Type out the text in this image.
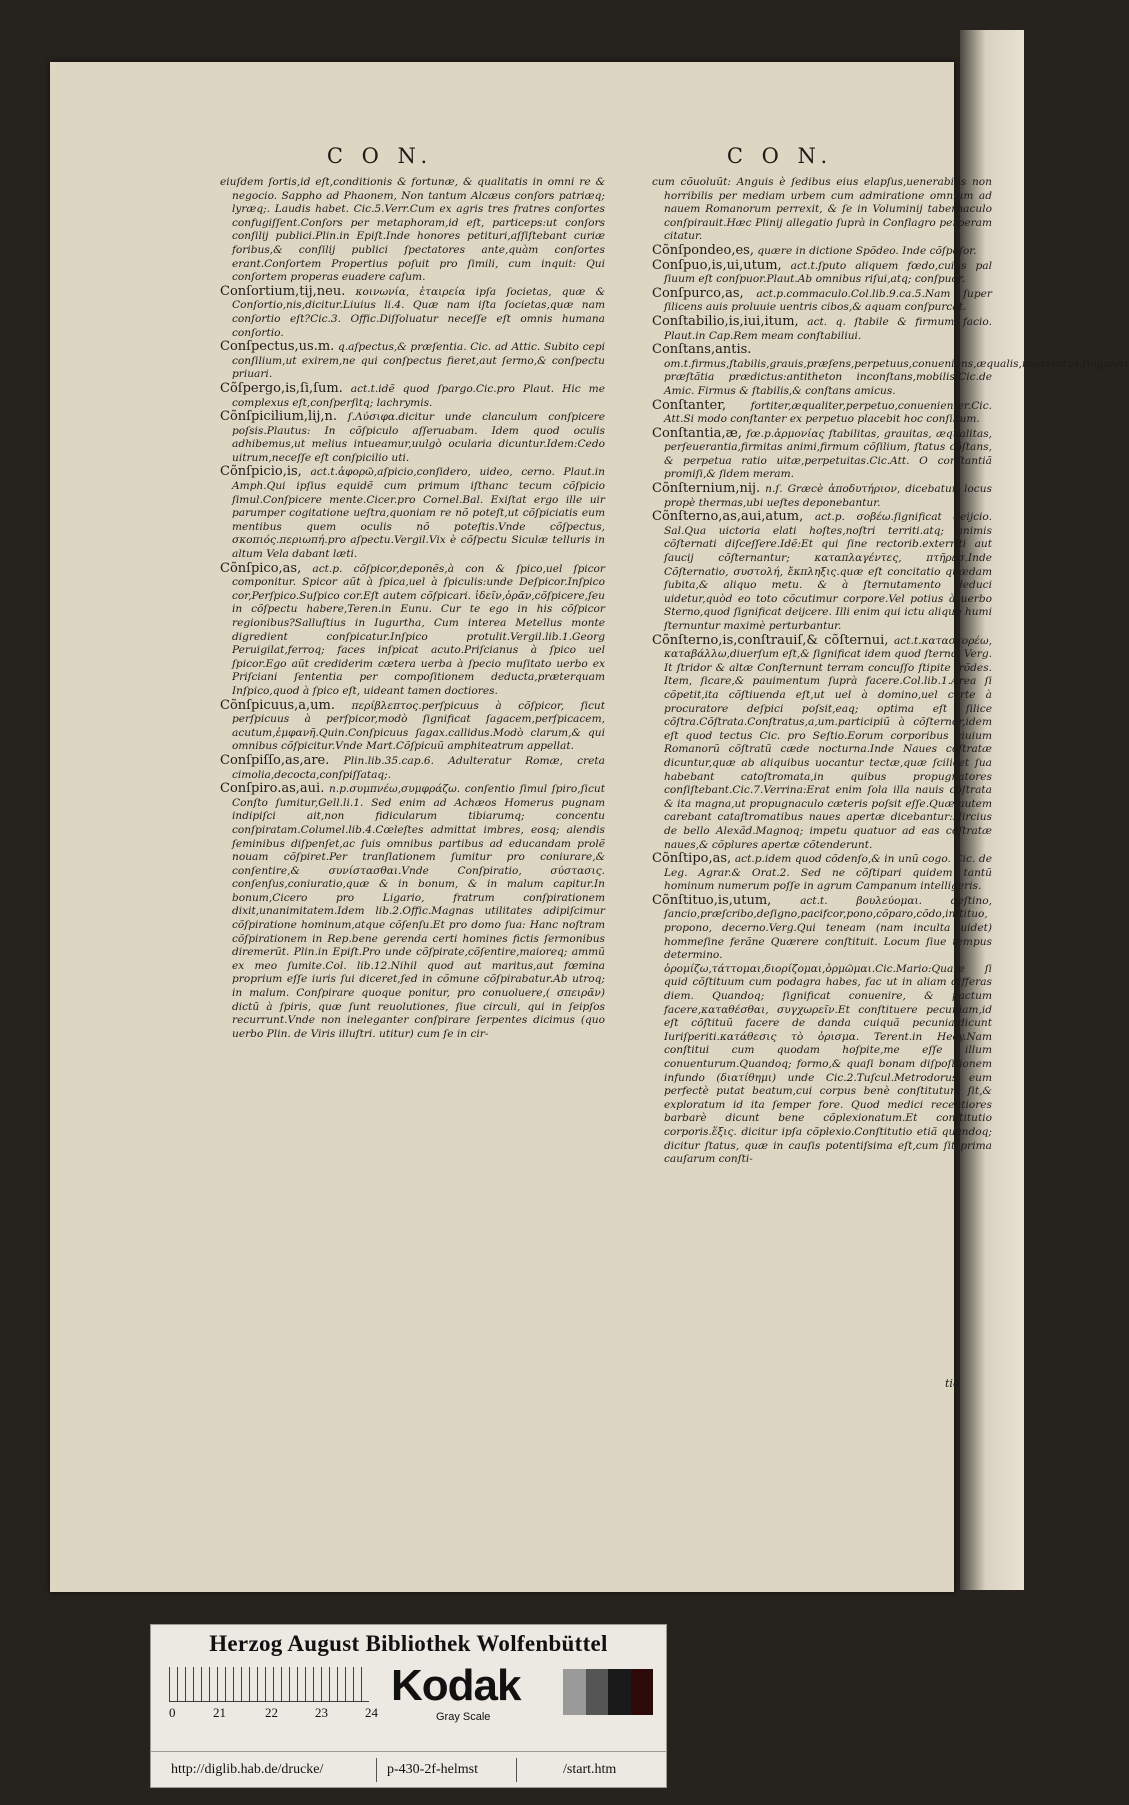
C O N.	C O N.

eiuſdem ſortis,id eſt,conditionis & fortunæ, & qualitatis in omni re & negocio. Sappho ad Phaonem, Non tantum Alcæus conſors patriæq; lyræq;. Laudis habet. Cic.5.Verr.Cum ex agris tres fratres conſortes confugiſſent.Conſors per metaphoram,id eſt, particeps:ut conſors conſilij publici.Plin.in Epiſt.Inde honores petituri,aſſiſtebant curiæ foribus,& conſilij publici ſpectatores ante,quàm conſortes erant.Conſortem Propertius poſuit pro ſimili, cum inquit: Qui conſortem properas euadere caſum.

Conſortium,tij,neu. κοινωνία, ἑταιρεία ipſa ſocietas, quæ & Conſortio,nis,dicitur.Liuius li.4. Quæ nam iſta ſocietas,quæ nam conſortio eſt?Cic.3. Offic.Diſſoluatur neceſſe eſt omnis humana conſortio.

Conſpectus,us.m. q.aſpectus,& præſentia. Cic. ad Attic. Subito cepi conſilium,ut exirem,ne qui conſpectus fieret,aut ſermo,& conſpectu priuari.

Cõſpergo,is,ſi,ſum. act.t.idẽ quod ſpargo.Cic.pro Plaut. Hic me complexus eſt,conſperſitq; lachrymis.

Cõnſpicilium,lij,n. ſ.Λύσιφα.dicitur unde clanculum conſpicere poſsis.Plautus: In cõſpiculo aſſeruabam. Idem quod oculis adhibemus,ut melius intueamur,uulgò ocularia dicuntur.Idem:Cedo uitrum,neceſſe eſt conſpicilio uti.

Cõnſpicio,is, act.t.ἀφορῶ,aſpicio,conſidero, uideo, cerno. Plaut.in Amph.Qui ipſius equidẽ cum primum iſthanc tecum cõſpicio ſimul.Conſpicere mente.Cicer.pro Cornel.Bal. Exiſtat ergo ille uir parumper cogitatione ueſtra,quoniam re nõ poteſt,ut cõſpiciatis eum mentibus quem oculis nõ poteſtis.Vnde cõſpectus, σκοπιός.περιωπή.pro aſpectu.Vergil.Vix è cõſpectu Siculæ telluris in altum Vela dabant læti.

Cõnſpico,as, act.p. cõſpicor,deponẽs,à con & ſpico,uel ſpicor componitur. Spicor aũt à ſpica,uel à ſpiculis:unde Deſpicor.Inſpico cor,Perſpico.Suſpico cor.Eſt autem cõſpicari. ἰδεῖν,ὁρᾶν,cõſpicere,ſeu in cõſpectu habere,Teren.in Eunu. Cur te ego in his cõſpicor regionibus?Salluſtius in Iugurtha, Cum interea Metellus monte digredient conſpicatur.Inſpico protulit.Vergil.lib.1.Georg Peruigilat,ferroq; faces inſpicat acuto.Priſcianus à ſpico uel ſpicor.Ego aũt crediderim cæterа uerba à ſpecio muſitato uerbo ex Priſciani ſententia per compoſitionem deducta,præterquam Inſpico,quod à ſpico eſt, uideant tamen doctiores.

Cõnſpicuus,a,um. περίβλεπτος.perſpicuus à cõſpicor, ſicut perſpicuus à perſpicor,modò ſignificat ſagacem,perſpicacem, acutum,ἐμφανῆ.Quin.Conſpicuus ſagax.callidus.Modò clarum,& qui omnibus cõſpicitur.Vnde Mart.Cõſpicuũ amphiteatrum appellat.

Conſpiſſo,as,are. Plin.lib.35.cap.6. Adulteratur Romæ, creta cimolia,decocta,conſpiſſataq;.

Conſpiro.as,aui. n.p.συμπνέω,συμφράζω. conſentio ſimul ſpiro,ſicut Conſto ſumitur,Gell.li.1. Sed enim ad Achæos Homerus pugnam indipiſci ait,non fidicularum tibiarumq; concentu conſpiratam.Columel.lib.4.Cœleſtes admittat imbres, eosq; alendis ſeminibus diſpenſet,ac ſuis omnibus partibus ad educandam prolẽ nouam cõſpiret.Per tranſlationem ſumitur pro coniurare,& conſentire,& συνίστασθαι.Vnde Conſpiratio, σύστασις. conſenſus,coniuratio,quæ & in bonum, & in malum capitur.In bonum,Cicero pro Ligario, fratrum conſpirationem dixit,unanimitatem.Idem lib.2.Offic.Magnas utilitates adipiſcimur cõſpiratione hominum,atque cõſenſu.Et pro domo ſua: Hanc noſtram cõſpirationem in Rep.bene gerenda certi homines fictis ſermonibus diremerũt. Plin.in Epiſt.Pro unde cõſpirate,cõſentire,maioreq; ammũ ex meo ſumite.Col. lib.12.Nihil quod aut maritus,aut fœmina proprium eſſe iuris ſui diceret,ſed in cõmune cõſpirabatur.Ab utroq; in malum. Conſpirare quoque ponitur, pro conuoluere,( σπειρᾶν) dictũ à ſpiris, quæ ſunt reuolutiones, ſiue circuli, qui in ſeipſos recurrunt.Vnde non ineleganter conſpirare ſerpentes dicimus (quo uerbo Plin. de Viris illuſtri. utitur) cum ſe in cir-

cum cõuoluũt: Anguis è ſedibus eius elapſus,uenerabilis non horribilis per mediam urbem cum admiratione omnium ad nauem Romanorum perrexit, & ſe in Voluminij tabernaculo conſpirauit.Hæc Plinij allegatio ſuprà in Conflagro perperam citatur.

Cõnſpondeo,es, quære in dictione Spõdeo. Inde cõſpõſor.

Conſpuo,is,ui,utum, act.t.ſputo aliquem fœdo,cuius pal ſiuum eſt conſpuor.Plaut.Ab omnibus riſui,atq; conſpuor.

Conſpurco,as, act.p.commaculo.Col.lib.9.ca.5.Nam ſuper ſilicens auis proluuie uentris cibos,& aquam conſpurcat.

Conſtabilio,is,iui,itum, act. q. ſtabile & firmum facio. Plaut.in Cap.Rem meam conſtabiliui.

Conſtans,antis. om.t.firmus,ſtabilis,grauis,præſens,perpetuus,conueniens,æqualis,moderatus,ſingulari præſtãtia prædictus:antitheton inconſtans,mobilis.Cic.de Amic. Firmus & ſtabilis,& conſtans amicus.

Conſtanter, fortiter,æqualiter,perpetuo,conuenienter.Cic. Att.Si modo conſtanter ex perpetuo placebit hoc conſilium.

Conſtantia,æ, fœ.p.ἁρμονίας ſtabilitas, grauitas, æqualitas, perſeuerantia,firmitas animi,firmum cõſilium, ſtatus cõſtans, & perpetua ratio uitæ,perpetuitas.Cic.Att. O conſtantiã promiſi,& ſidem meram.

Cõnſternium,nij. n.ſ. Græcè ἀποδυτήριον, dicebatur, locus propè thermas,ubi ueſtes deponebantur.

Cõnſterno,as,aui,atum, act.p. σοβέω.ſignificat deijcio. Sal.Qua uictoria elati hoſtes,noſtri territi.atq; animis cõſternati diſceſſere.Idẽ:Et qui ſine rectorib.exterriti aut ſaucij cõſternantur; καταπλαγέντες, πτῆρεσ.Inde Cõſternatio, συστολή, ἔκπληξις.quæ eſt concitatio quædam ſubita,& aliquo metu. & à ſternutamento deduci uidetur,quòd eo toto cõcutimur corpore.Vel potius à uerbo Sterno,quod ſignificat deijcere. Illi enim qui ictu aliquo humi ſternuntur maximè perturbantur.

Cõnſterno,is,conſtrauiſ,& cõſternui, act.t.καταστορέω, καταβάλλω,diuerſum eſt,& ſignificat idem quod ſterno. Verg. It ſtridor & altæ Conſternunt terram concuſſo ſtipite frõdes. Item, ſicare,& pauimentum ſuprà facere.Col.lib.1.Area ſi cõpetit,ita cõſtiuenda eſt,ut uel à domino,uel certe à procuratore deſpici poſsit,eaq; optima eſt ſilice cõſtra.Cõſtrata.Conſtratus,a,um.participiũ à cõſternor,idem eſt quod tectus Cic. pro Seſtio.Eorum corporibus ciuium Romanorũ cõſtratũ cæde nocturna.Inde Naues cõſtratæ dicuntur,quæ ab aliquibus uocantur tectæ,quæ ſcilicet ſua habebant catoſtromata,in quibus propugnatores conſiſtebant.Cic.7.Verrina:Erat enim ſola illa nauis cõſtrata & ita magna,ut propugnaculo cæteris poſsit eſſe.Quæ autem carebant cataſtromatibus naues apertæ dicebantur:Hircius de bello Alexãd.Magnoq; impetu quatuor ad eas cõſtratæ naues,& cõplures apertæ cõtenderunt.

Cõnſtipo,as, act.p.idem quod cõdenſo,& in unũ cogo. Cic. de Leg. Agrar.& Orat.2. Sed ne cõſtipari quidem tantũ hominum numerum poſſe in agrum Campanum intelligeris.

Cõnſtituo,is,utum,	act.t. βουλεύομαι. deſtino, ſancio,præſcribo,deſigno,pacifcor,pono,cõparo,cõdo,inſtituo, propono, decerno.Verg.Qui teneam (nam inculta uidet) hommeſine ferãne Quærere conſtituit. Locum ſiue tempus determino. ὁρομίζω,τάττομαι,διορίζομαι,ὁρμῶμαι.Cic.Mario:Quare ſi quid cõſtituum cum podagra habes, fac ut in aliam differas diem. Quandoq; ſignificat conuenire, & pactum facere,καταθέσθαι, συγχωρεῖν.Et conſtituere pecuniam,id eſt cõſtituũ facere de danda cuiquã pecunia,dicunt Iuriſperiti.κατάθεσις τὸ ὁρισμα. Terent.in Hecy.Nam conſtitui cum quodam hoſpite,me eſſe illum conuenturum.Quandoq; formo,& quaſi bonam diſpoſitionem infundo (διατίθημι) unde Cic.2.Tuſcul.Metrodorus eum perfectè putat beatum,cui corpus benè conſtitutum ſit,& exploratum id ita ſemper fore. Quod medici recentiores barbarè dicunt bene cõplexionatum.Et conſtitutio corporis.ἕξις. dicitur ipſa cõplexio.Conſtitutio etiã quandoq; dicitur ſtatus, quæ in cauſis potentiſsima eſt,cum ſit prima cauſarum conſti-

tio
Herzog August Bibliothek Wolfenbüttel
0	21	22	23	24
Kodak
Gray Scale
http://diglib.hab.de/drucke/	p-430-2f-helmst	/start.htm
